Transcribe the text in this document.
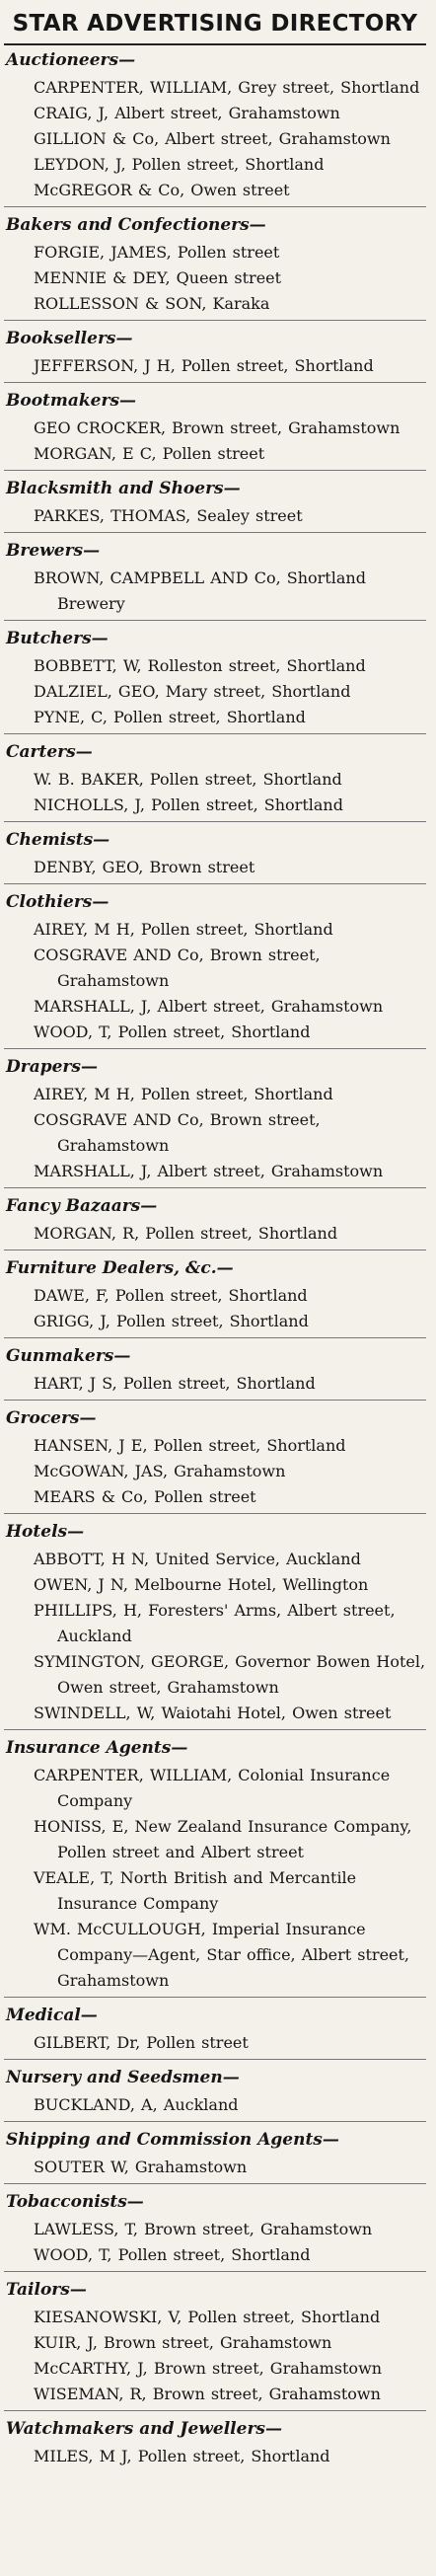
STAR ADVERTISING DIRECTORY
Auctioneers—
CARPENTER, WILLIAM, Grey street, Shortland
CRAIG, J, Albert street, Grahamstown
GILLION & Co, Albert street, Grahamstown
LEYDON, J, Pollen street, Shortland
McGREGOR & Co, Owen street
Bakers and Confectioners—
FORGIE, JAMES, Pollen street
MENNIE & DEY, Queen street
ROLLESSON & SON, Karaka
Booksellers—
JEFFERSON, J H, Pollen street, Shortland
Bootmakers—
GEO CROCKER, Brown street, Grahamstown
MORGAN, E C, Pollen street
Blacksmith and Shoers—
PARKES, THOMAS, Sealey street
Brewers—
BROWN, CAMPBELL AND Co, Shortland Brewery
Butchers—
BOBBETT, W, Rolleston street, Shortland
DALZIEL, GEO, Mary street, Shortland
PYNE, C, Pollen street, Shortland
Carters—
W. B. BAKER, Pollen street, Shortland
NICHOLLS, J, Pollen street, Shortland
Chemists—
DENBY, GEO, Brown street
Clothiers—
AIREY, M H, Pollen street, Shortland
COSGRAVE AND Co, Brown street, Grahamstown
MARSHALL, J, Albert street, Grahamstown
WOOD, T, Pollen street, Shortland
Drapers—
AIREY, M H, Pollen street, Shortland
COSGRAVE AND Co, Brown street, Grahamstown
MARSHALL, J, Albert street, Grahamstown
Fancy Bazaars—
MORGAN, R, Pollen street, Shortland
Furniture Dealers, &c.—
DAWE, F, Pollen street, Shortland
GRIGG, J, Pollen street, Shortland
Gunmakers—
HART, J S, Pollen street, Shortland
Grocers—
HANSEN, J E, Pollen street, Shortland
McGOWAN, JAS, Grahamstown
MEARS & Co, Pollen street
Hotels—
ABBOTT, H N, United Service, Auckland
OWEN, J N, Melbourne Hotel, Wellington
PHILLIPS, H, Foresters' Arms, Albert street, Auckland
SYMINGTON, GEORGE, Governor Bowen Hotel, Owen street, Grahamstown
SWINDELL, W, Waiotahi Hotel, Owen street
Insurance Agents—
CARPENTER, WILLIAM, Colonial Insurance Company
HONISS, E, New Zealand Insurance Company, Pollen street and Albert street
VEALE, T, North British and Mercantile Insurance Company
WM. McCULLOUGH, Imperial Insurance Company—Agent, Star office, Albert street, Grahamstown
Medical—
GILBERT, Dr, Pollen street
Nursery and Seedsmen—
BUCKLAND, A, Auckland
Shipping and Commission Agents—
SOUTER W, Grahamstown
Tobacconists—
LAWLESS, T, Brown street, Grahamstown
WOOD, T, Pollen street, Shortland
Tailors—
KIESANOWSKI, V, Pollen street, Shortland
KUIR, J, Brown street, Grahamstown
McCARTHY, J, Brown street, Grahamstown
WISEMAN, R, Brown street, Grahamstown
Watchmakers and Jewellers—
MILES, M J, Pollen street, Shortland
